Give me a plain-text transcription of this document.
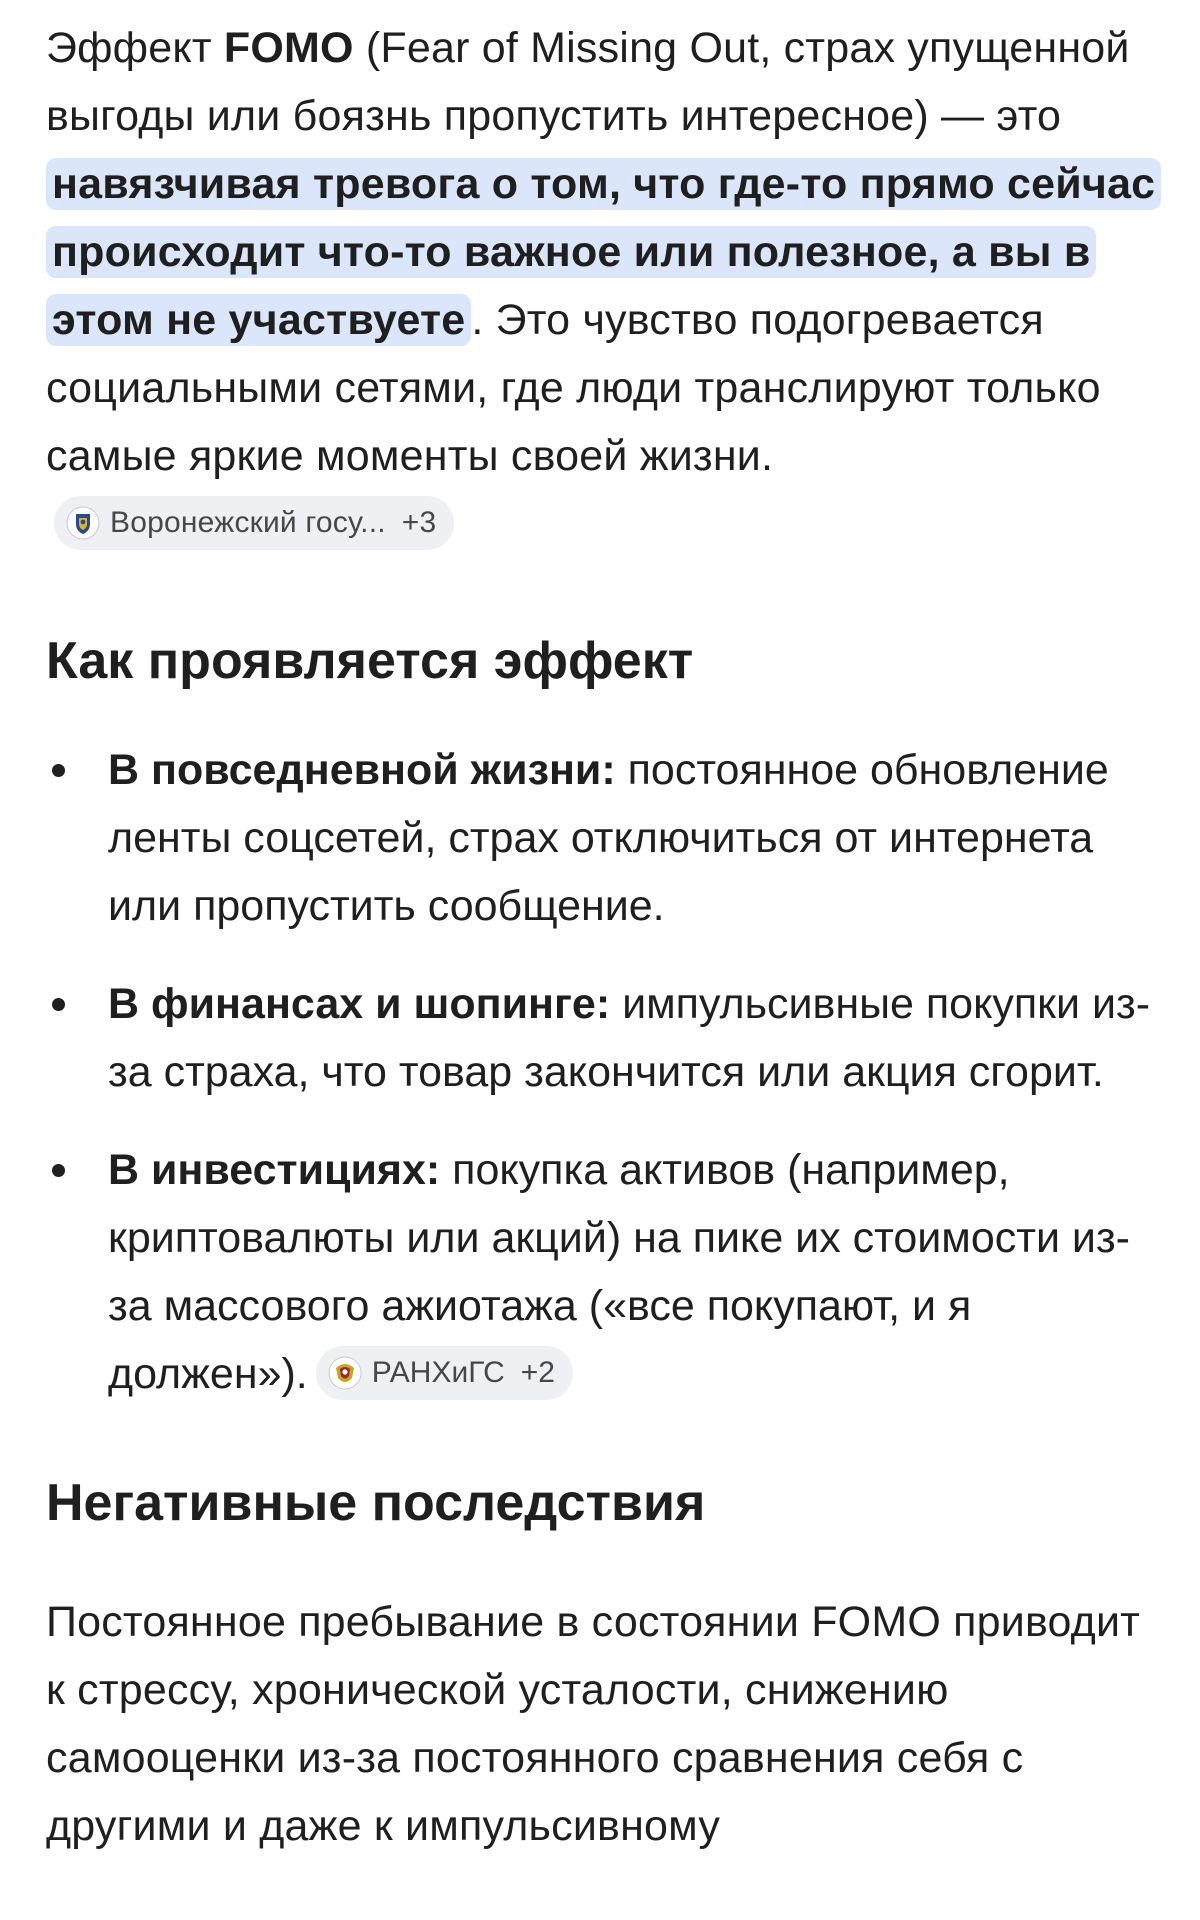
Эффект FOMO (Fear of Missing Out, страх упущенной выгоды или боязнь пропустить интересное) — это навязчивая тревога о том, что где-то прямо сейчас происходит что-то важное или полезное, а вы в этом не участвуете . Это чувство подогревается социальными сетями, где люди транслируют только самые яркие моменты своей жизни.
Воронежский госу... +3

Как проявляется эффект
В повседневной жизни: постоянное обновление ленты соцсетей, страх отключиться от интернета или пропустить сообщение.
В финансах и шопинге: импульсивные покупки из-за страха, что товар закончится или акция сгорит.
В инвестициях: покупка активов (например, криптовалюты или акций) на пике их стоимости из-за массового ажиотажа («все покупают, и я должен»). РАНХиГС +2
Негативные последствия

Постоянное пребывание в состоянии FOMO приводит к стрессу, хронической усталости, снижению самооценки из-за постоянного сравнения себя с другими и даже к импульсивному
